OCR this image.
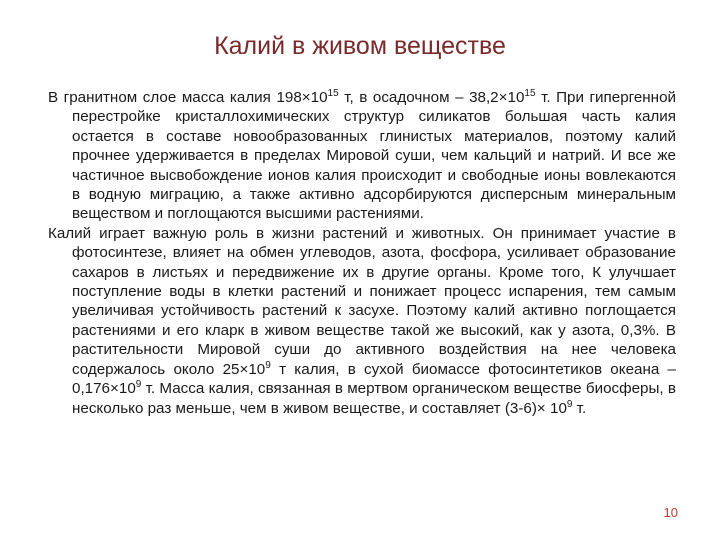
Калий в живом веществе

В гранитном слое масса калия $198\times 10^{15}$ т, в осадочном – $38,2\times 10^{15}$ т. При гипергенной перестройке кристаллохимических структур силикатов большая часть калия остается в составе новообразованных глинистых материалов, поэтому калий прочнее удерживается в пределах Мировой суши, чем кальций и натрий. И все же частичное высвобождение ионов калия происходит и свободные ионы вовлекаются в водную миграцию, а также активно адсорбируются дисперсным минеральным веществом и поглощаются высшими растениями.

Калий играет важную роль в жизни растений и животных. Он принимает участие в фотосинтезе, влияет на обмен углеводов, азота, фосфора, усиливает образование сахаров в листьях и передвижение их в другие органы. Кроме того, К улучшает поступление воды в клетки растений и понижает процесс испарения, тем самым увеличивая устойчивость растений к засухе. Поэтому калий активно поглощается растениями и его кларк в живом веществе такой же высокий, как у азота, 0,3%. В растительности Мировой суши до активного воздействия на нее человека содержалось около $25\times 10^9$ т калия, в сухой биомассе фотосинтетиков океана – $0,176\times 10^9$ т. Масса калия, связанная в мертвом органическом веществе биосферы, в несколько раз меньше, чем в живом веществе, и составляет $(3-6)\times 10^9$ т.

10
